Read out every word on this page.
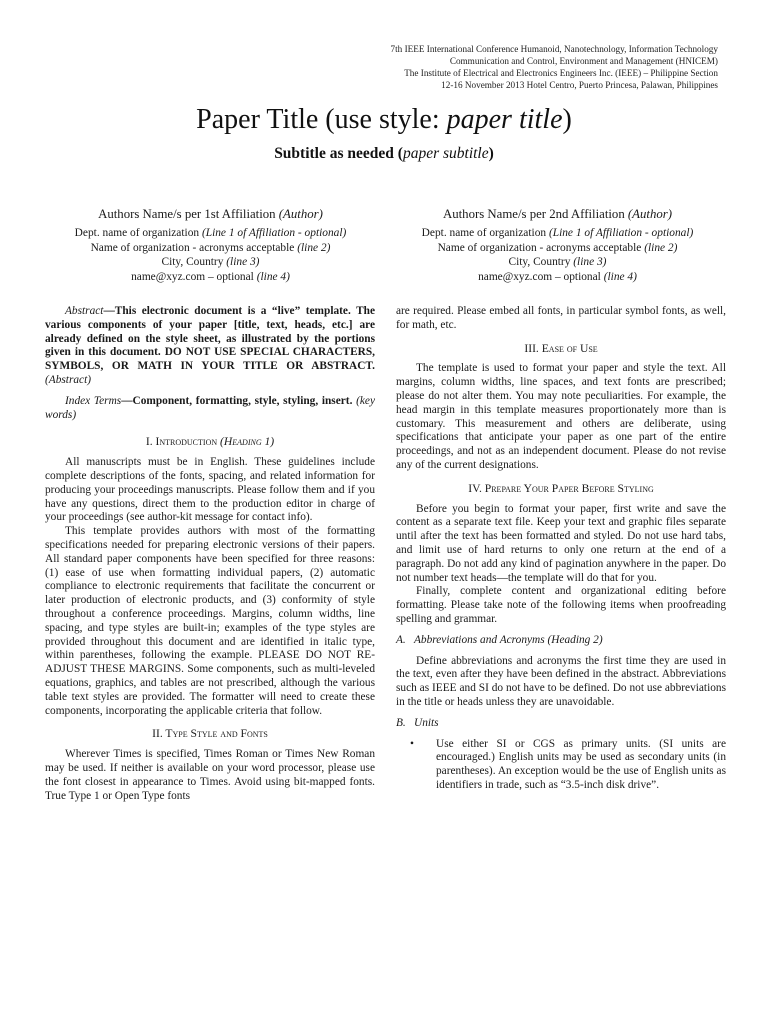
7th IEEE International Conference Humanoid, Nanotechnology, Information Technology
Communication and Control, Environment and Management (HNICEM)
The Institute of Electrical and Electronics Engineers Inc. (IEEE) – Philippine Section
12-16 November 2013 Hotel Centro, Puerto Princesa, Palawan, Philippines
Paper Title (use style: paper title)
Subtitle as needed (paper subtitle)
Authors Name/s per 1st Affiliation (Author)
Dept. name of organization (Line 1 of Affiliation - optional)
Name of organization - acronyms acceptable (line 2)
City, Country (line 3)
name@xyz.com – optional (line 4)
Authors Name/s per 2nd Affiliation (Author)
Dept. name of organization (Line 1 of Affiliation - optional)
Name of organization - acronyms acceptable (line 2)
City, Country (line 3)
name@xyz.com – optional (line 4)
Abstract—This electronic document is a “live” template. The various components of your paper [title, text, heads, etc.] are already defined on the style sheet, as illustrated by the portions given in this document. DO NOT USE SPECIAL CHARACTERS, SYMBOLS, OR MATH IN YOUR TITLE OR ABSTRACT. (Abstract)
Index Terms—Component, formatting, style, styling, insert. (key words)
I. Introduction (Heading 1)

All manuscripts must be in English. These guidelines include complete descriptions of the fonts, spacing, and related information for producing your proceedings manuscripts. Please follow them and if you have any questions, direct them to the production editor in charge of your proceedings (see author-kit message for contact info).

This template provides authors with most of the formatting specifications needed for preparing electronic versions of their papers. All standard paper components have been specified for three reasons: (1) ease of use when formatting individual papers, (2) automatic compliance to electronic requirements that facilitate the concurrent or later production of electronic products, and (3) conformity of style throughout a conference proceedings. Margins, column widths, line spacing, and type styles are built-in; examples of the type styles are provided throughout this document and are identified in italic type, within parentheses, following the example. PLEASE DO NOT RE-ADJUST THESE MARGINS. Some components, such as multi-leveled equations, graphics, and tables are not prescribed, although the various table text styles are provided. The formatter will need to create these components, incorporating the applicable criteria that follow.

II. Type Style and Fonts

Wherever Times is specified, Times Roman or Times New Roman may be used. If neither is available on your word processor, please use the font closest in appearance to Times. Avoid using bit-mapped fonts. True Type 1 or Open Type fonts

are required. Please embed all fonts, in particular symbol fonts, as well, for math, etc.

III. Ease of Use

The template is used to format your paper and style the text. All margins, column widths, line spaces, and text fonts are prescribed; please do not alter them. You may note peculiarities. For example, the head margin in this template measures proportionately more than is customary. This measurement and others are deliberate, using specifications that anticipate your paper as one part of the entire proceedings, and not as an independent document. Please do not revise any of the current designations.

IV. Prepare Your Paper Before Styling

Before you begin to format your paper, first write and save the content as a separate text file. Keep your text and graphic files separate until after the text has been formatted and styled. Do not use hard tabs, and limit use of hard returns to only one return at the end of a paragraph. Do not add any kind of pagination anywhere in the paper. Do not number text heads—the template will do that for you.

Finally, complete content and organizational editing before formatting. Please take note of the following items when proofreading spelling and grammar.

A. Abbreviations and Acronyms (Heading 2)

Define abbreviations and acronyms the first time they are used in the text, even after they have been defined in the abstract. Abbreviations such as IEEE and SI do not have to be defined. Do not use abbreviations in the title or heads unless they are unavoidable.

B. Units
• Use either SI or CGS as primary units. (SI units are encouraged.) English units may be used as secondary units (in parentheses). An exception would be the use of English units as identifiers in trade, such as “3.5-inch disk drive”.
